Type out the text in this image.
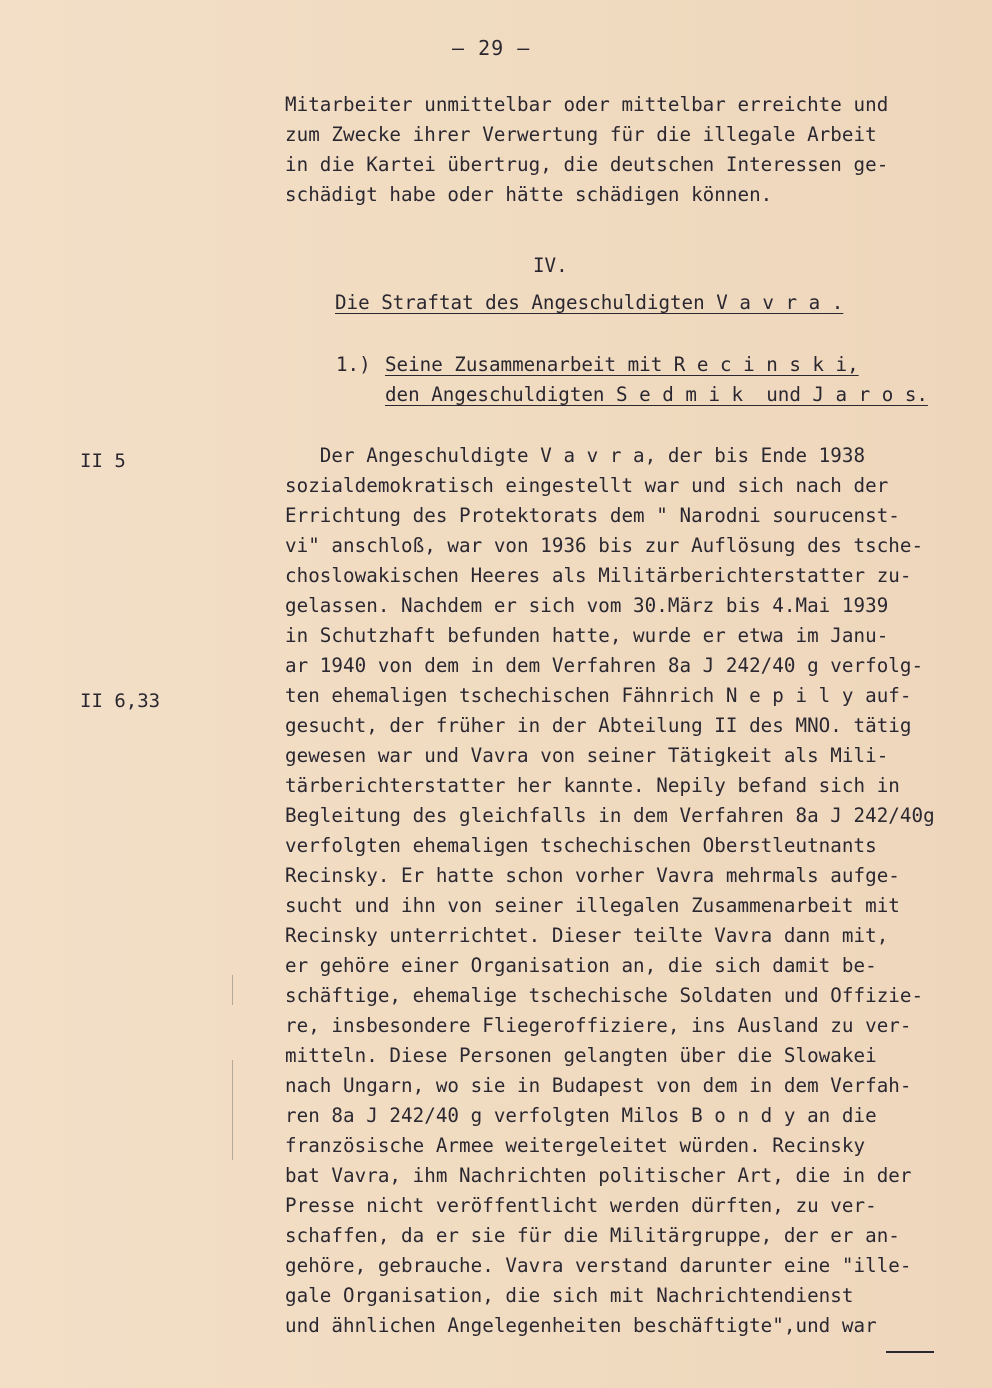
– 29 –
Mitarbeiter unmittelbar oder mittelbar erreichte und
zum Zwecke ihrer Verwertung für die illegale Arbeit
in die Kartei übertrug, die deutschen Interessen ge-
schädigt habe oder hätte schädigen können.
IV.
Die Straftat des Angeschuldigten V a v r a .
1.) Seine Zusammenarbeit mit R e c i n s k i,
den Angeschuldigten S e d m i k  und J a r o s.
II 5
II 6,33
Der Angeschuldigte V a v r a, der bis Ende 1938
sozialdemokratisch eingestellt war und sich nach der
Errichtung des Protektorats dem " Narodni sourucenst-
vi" anschloß, war von 1936 bis zur Auflösung des tsche-
choslowakischen Heeres als Militärberichterstatter zu-
gelassen. Nachdem er sich vom 30.März bis 4.Mai 1939
in Schutzhaft befunden hatte, wurde er etwa im Janu-
ar 1940 von dem in dem Verfahren 8a J 242/40 g verfolg-
ten ehemaligen tschechischen Fähnrich N e p i l y auf-
gesucht, der früher in der Abteilung II des MNO. tätig
gewesen war und Vavra von seiner Tätigkeit als Mili-
tärberichterstatter her kannte. Nepily befand sich in
Begleitung des gleichfalls in dem Verfahren 8a J 242/40g
verfolgten ehemaligen tschechischen Oberstleutnants
Recinsky. Er hatte schon vorher Vavra mehrmals aufge-
sucht und ihn von seiner illegalen Zusammenarbeit mit
Recinsky unterrichtet. Dieser teilte Vavra dann mit,
er gehöre einer Organisation an, die sich damit be-
schäftige, ehemalige tschechische Soldaten und Offizie-
re, insbesondere Fliegeroffiziere, ins Ausland zu ver-
mitteln. Diese Personen gelangten über die Slowakei
nach Ungarn, wo sie in Budapest von dem in dem Verfah-
ren 8a J 242/40 g verfolgten Milos B o n d y an die
französische Armee weitergeleitet würden. Recinsky
bat Vavra, ihm Nachrichten politischer Art, die in der
Presse nicht veröffentlicht werden dürften, zu ver-
schaffen, da er sie für die Militärgruppe, der er an-
gehöre, gebrauche. Vavra verstand darunter eine "ille-
gale Organisation, die sich mit Nachrichtendienst
und ähnlichen Angelegenheiten beschäftigte",und war
